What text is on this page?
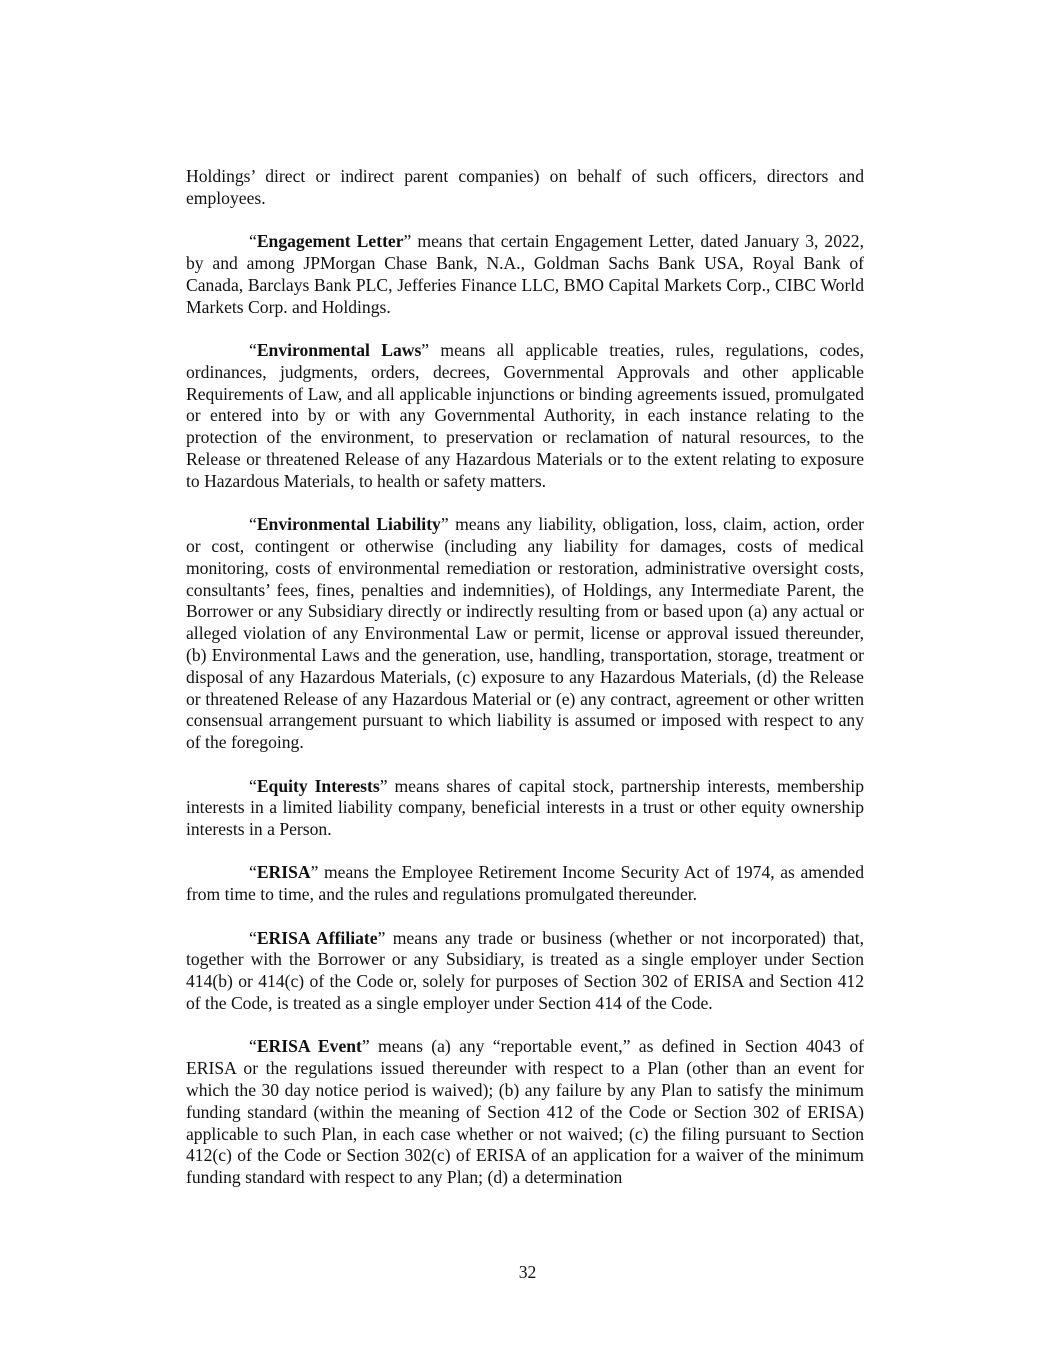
Holdings’ direct or indirect parent companies) on behalf of such officers, directors and employees.

“Engagement Letter” means that certain Engagement Letter, dated January 3, 2022, by and among JPMorgan Chase Bank, N.A., Goldman Sachs Bank USA, Royal Bank of Canada, Barclays Bank PLC, Jefferies Finance LLC, BMO Capital Markets Corp., CIBC World Markets Corp. and Holdings.

“Environmental Laws” means all applicable treaties, rules, regulations, codes, ordinances, judgments, orders, decrees, Governmental Approvals and other applicable Requirements of Law, and all applicable injunctions or binding agreements issued, promulgated or entered into by or with any Governmental Authority, in each instance relating to the protection of the environment, to preservation or reclamation of natural resources, to the Release or threatened Release of any Hazardous Materials or to the extent relating to exposure to Hazardous Materials, to health or safety matters.

“Environmental Liability” means any liability, obligation, loss, claim, action, order or cost, contingent or otherwise (including any liability for damages, costs of medical monitoring, costs of environmental remediation or restoration, administrative oversight costs, consultants’ fees, fines, penalties and indemnities), of Holdings, any Intermediate Parent, the Borrower or any Subsidiary directly or indirectly resulting from or based upon (a) any actual or alleged violation of any Environmental Law or permit, license or approval issued thereunder, (b) Environmental Laws and the generation, use, handling, transportation, storage, treatment or disposal of any Hazardous Materials, (c) exposure to any Hazardous Materials, (d) the Release or threatened Release of any Hazardous Material or (e) any contract, agreement or other written consensual arrangement pursuant to which liability is assumed or imposed with respect to any of the foregoing.

“Equity Interests” means shares of capital stock, partnership interests, membership interests in a limited liability company, beneficial interests in a trust or other equity ownership interests in a Person.

“ERISA” means the Employee Retirement Income Security Act of 1974, as amended from time to time, and the rules and regulations promulgated thereunder.

“ERISA Affiliate” means any trade or business (whether or not incorporated) that, together with the Borrower or any Subsidiary, is treated as a single employer under Section 414(b) or 414(c) of the Code or, solely for purposes of Section 302 of ERISA and Section 412 of the Code, is treated as a single employer under Section 414 of the Code.

“ERISA Event” means (a) any “reportable event,” as defined in Section 4043 of ERISA or the regulations issued thereunder with respect to a Plan (other than an event for which the 30 day notice period is waived); (b) any failure by any Plan to satisfy the minimum funding standard (within the meaning of Section 412 of the Code or Section 302 of ERISA) applicable to such Plan, in each case whether or not waived; (c) the filing pursuant to Section 412(c) of the Code or Section 302(c) of ERISA of an application for a waiver of the minimum funding standard with respect to any Plan; (d) a determination

32
